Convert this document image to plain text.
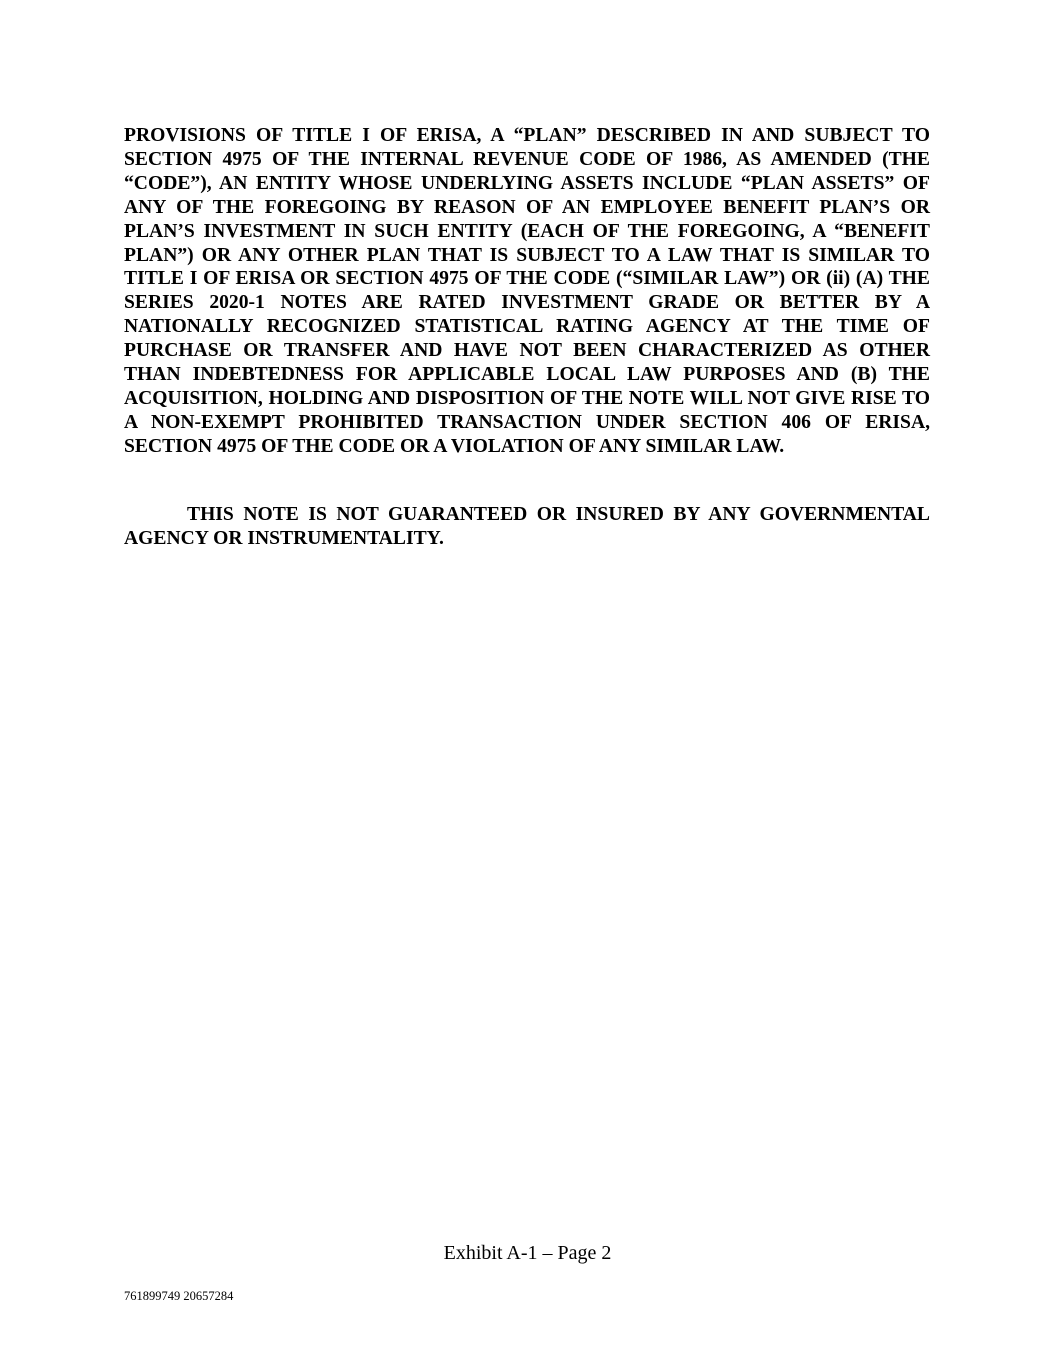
PROVISIONS OF TITLE I OF ERISA, A “PLAN” DESCRIBED IN AND SUBJECT TO SECTION 4975 OF THE INTERNAL REVENUE CODE OF 1986, AS AMENDED (THE “CODE”), AN ENTITY WHOSE UNDERLYING ASSETS INCLUDE “PLAN ASSETS” OF ANY OF THE FOREGOING BY REASON OF AN EMPLOYEE BENEFIT PLAN’S OR PLAN’S INVESTMENT IN SUCH ENTITY (EACH OF THE FOREGOING, A “BENEFIT PLAN”) OR ANY OTHER PLAN THAT IS SUBJECT TO A LAW THAT IS SIMILAR TO TITLE I OF ERISA OR SECTION 4975 OF THE CODE (“SIMILAR LAW”) OR (ii) (A) THE SERIES 2020-1 NOTES ARE RATED INVESTMENT GRADE OR BETTER BY A NATIONALLY RECOGNIZED STATISTICAL RATING AGENCY AT THE TIME OF PURCHASE OR TRANSFER AND HAVE NOT BEEN CHARACTERIZED AS OTHER THAN INDEBTEDNESS FOR APPLICABLE LOCAL LAW PURPOSES AND (B) THE ACQUISITION, HOLDING AND DISPOSITION OF THE NOTE WILL NOT GIVE RISE TO A NON-EXEMPT PROHIBITED TRANSACTION UNDER SECTION 406 OF ERISA, SECTION 4975 OF THE CODE OR A VIOLATION OF ANY SIMILAR LAW.

THIS NOTE IS NOT GUARANTEED OR INSURED BY ANY GOVERNMENTAL AGENCY OR INSTRUMENTALITY.

Exhibit A-1 – Page 2
761899749 20657284
